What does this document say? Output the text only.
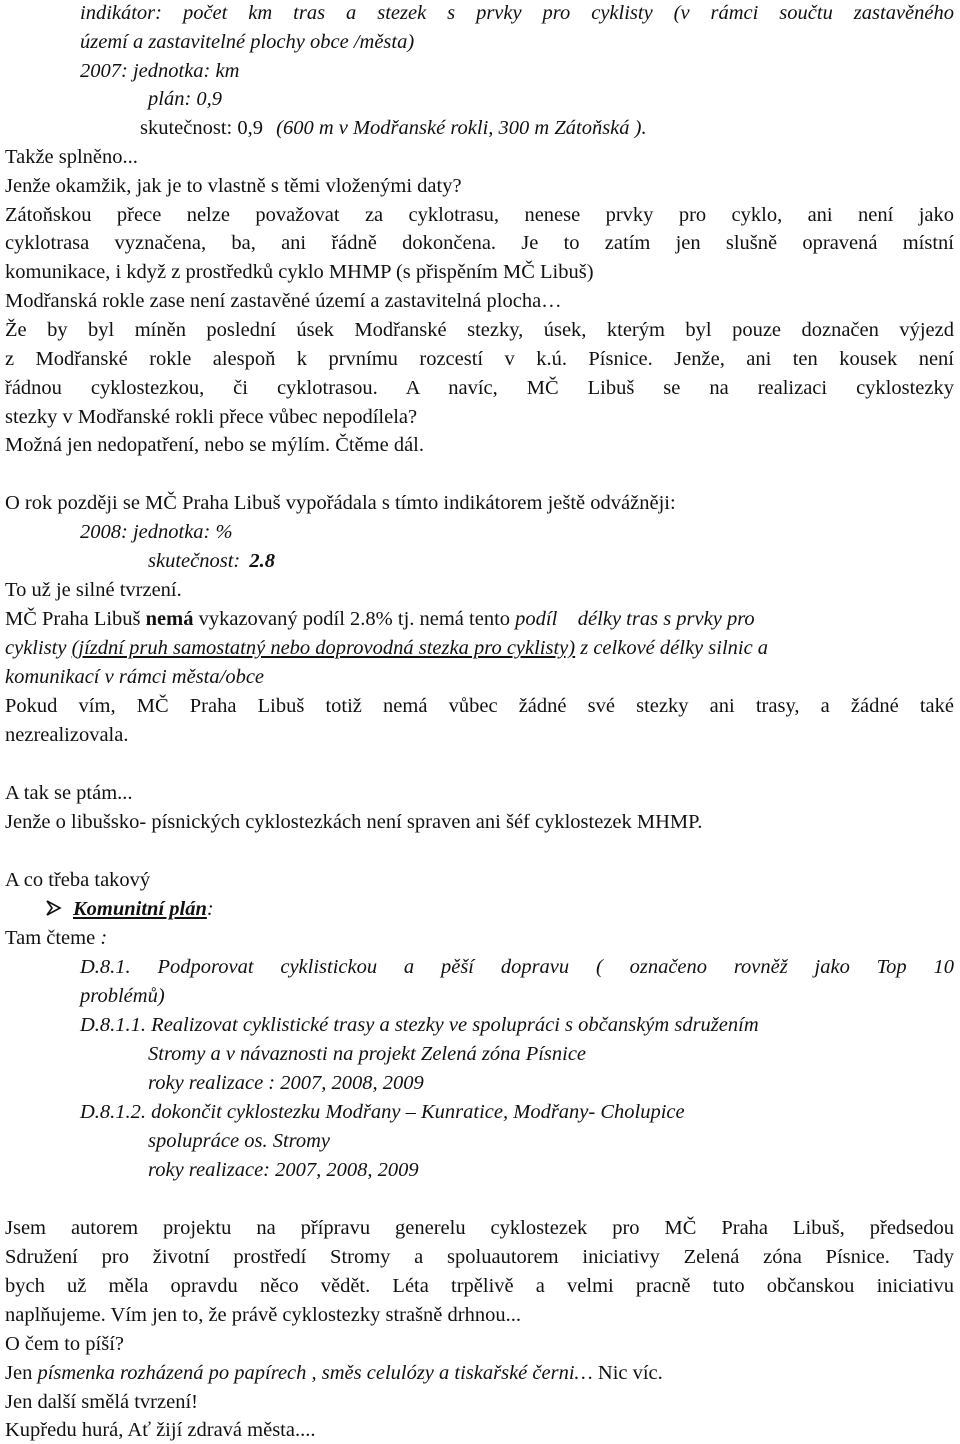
indikátor: počet km tras a stezek s prvky pro cyklisty (v rámci součtu zastavěného
území a zastavitelné plochy obce /města)
2007: jednotka: km
plán: 0,9
skutečnost: 0,9 (600 m v Modřanské rokli, 300 m Zátoňská ).
Takže splněno...
Jenže okamžik, jak je to vlastně s těmi vloženými daty?
Zátoňskou přece nelze považovat za cyklotrasu, nenese prvky pro cyklo, ani není jako
cyklotrasa vyznačena, ba, ani řádně dokončena. Je to zatím jen slušně opravená místní
komunikace, i když z prostředků cyklo MHMP (s přispěním MČ Libuš)
Modřanská rokle zase není zastavěné území a zastavitelná plocha…
Že by byl míněn poslední úsek Modřanské stezky, úsek, kterým byl pouze doznačen výjezd
z Modřanské rokle alespoň k prvnímu rozcestí v k.ú. Písnice. Jenže, ani ten kousek není
řádnou cyklostezkou, či cyklotrasou. A navíc, MČ Libuš se na realizaci cyklostezky
stezky v Modřanské rokli přece vůbec nepodílela?
Možná jen nedopatření, nebo se mýlím. Čtěme dál.
O rok později se MČ Praha Libuš vypořádala s tímto indikátorem ještě odvážněji:
2008: jednotka: %
skutečnost: 2.8
To už je silné tvrzení.
MČ Praha Libuš nemá vykazovaný podíl 2.8% tj. nemá tento podíl    délky tras s prvky pro
cyklisty (jízdní pruh samostatný nebo doprovodná stezka pro cyklisty) z celkové délky silnic a
komunikací v rámci města/obce
Pokud vím, MČ Praha Libuš totiž nemá vůbec žádné své stezky ani trasy, a žádné také
nezrealizovala.
A tak se ptám...
Jenže o libušsko- písnických cyklostezkách není spraven ani šéf cyklostezek MHMP.
A co třeba takový
Komunitní plán:
Tam čteme :
D.8.1. Podporovat cyklistickou a pěší dopravu ( označeno rovněž jako Top 10
problémů)
D.8.1.1. Realizovat cyklistické trasy a stezky ve spolupráci s občanským sdružením
Stromy a v návaznosti na projekt Zelená zóna Písnice
roky realizace : 2007, 2008, 2009
D.8.1.2. dokončit cyklostezku Modřany – Kunratice, Modřany- Cholupice
spolupráce os. Stromy
roky realizace: 2007, 2008, 2009
Jsem autorem projektu na přípravu generelu cyklostezek pro MČ Praha Libuš, předsedou
Sdružení pro životní prostředí Stromy a spoluautorem iniciativy Zelená zóna Písnice. Tady
bych už měla opravdu něco vědět. Léta trpělivě a velmi pracně tuto občanskou iniciativu
naplňujeme. Vím jen to, že právě cyklostezky strašně drhnou...
O čem to píší?
Jen písmenka rozházená po papírech , směs celulózy a tiskařské černi… Nic víc.
Jen další smělá tvrzení!
Kupředu hurá, Ať žijí zdravá města....
